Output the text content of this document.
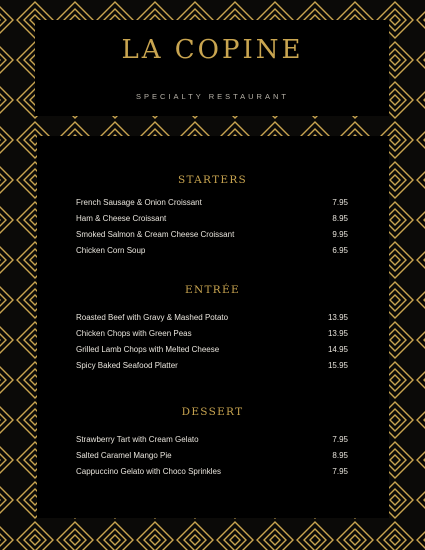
LA COPINE
SPECIALTY RESTAURANT
STARTERS
French Sausage & Onion Croissant	7.95
Ham & Cheese Croissant	8.95
Smoked Salmon & Cream Cheese Croissant	9.95
Chicken Corn Soup	6.95
ENTRÉE
Roasted Beef with Gravy & Mashed Potato	13.95
Chicken Chops with Green Peas	13.95
Grilled Lamb Chops with Melted Cheese	14.95
Spicy Baked Seafood Platter	15.95
DESSERT
Strawberry Tart with Cream Gelato	7.95
Salted Caramel Mango Pie	8.95
Cappuccino Gelato with Choco Sprinkles	7.95
